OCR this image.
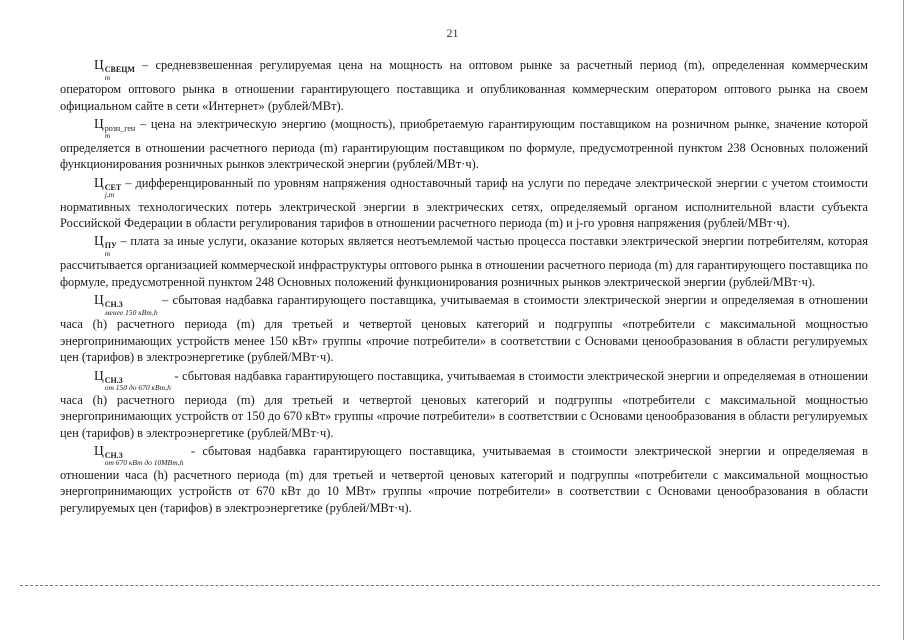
21

Ц СВЕЦМ
m
– средневзвешенная регулируемая цена на мощность на оптовом рынке за расчетный период (m), определенная коммерческим оператором оптового рынка в отношении гарантирующего поставщика и опубликованная коммерческим оператором оптового рынка на своем официальном сайте в сети «Интернет» (рублей/МВт).

Ц розн_ген
m
– цена на электрическую энергию (мощность), приобретаемую гарантирующим поставщиком на розничном рынке, значение которой определяется в отношении расчетного периода (m) гарантирующим поставщиком по формуле, предусмотренной пунктом 238 Основных положений функционирования розничных рынков электрической энергии (рублей/МВт·ч).

Ц СЕТ
j,m
– дифференцированный по уровням напряжения одноставочный тариф на услуги по передаче электрической энергии с учетом стоимости нормативных технологических потерь электрической энергии в электрических сетях, определяемый органом исполнительной власти субъекта Российской Федерации в области регулирования тарифов в отношении расчетного периода (m) и j-го уровня напряжения (рублей/МВт·ч).

Ц ПУ
m
– плата за иные услуги, оказание которых является неотъемлемой частью процесса поставки электрической энергии потребителям, которая рассчитывается организацией коммерческой инфраструктуры оптового рынка в отношении расчетного периода (m) для гарантирующего поставщика по формуле, предусмотренной пунктом 248 Основных положений функционирования розничных рынков электрической энергии (рублей/МВт·ч).

Ц СН.3
менее 150 кВт,h
– сбытовая надбавка гарантирующего поставщика, учитываемая в стоимости электрической энергии и определяемая в отношении часа (h) расчетного периода (m) для третьей и четвертой ценовых категорий и подгруппы «потребители с максимальной мощностью энергопринимающих устройств менее 150 кВт» группы «прочие потребители» в соответствии с Основами ценообразования в области регулируемых цен (тарифов) в электроэнергетике (рублей/МВт·ч).

Ц СН.3
от 150 до 670 кВт,h
- сбытовая надбавка гарантирующего поставщика, учитываемая в стоимости электрической энергии и определяемая в отношении часа (h) расчетного периода (m) для третьей и четвертой ценовых категорий и подгруппы «потребители с максимальной мощностью энергопринимающих устройств от 150 до 670 кВт» группы «прочие потребители» в соответствии с Основами ценообразования в области регулируемых цен (тарифов) в электроэнергетике (рублей/МВт·ч).

Ц СН.3
от 670 кВт до 10МВт,h
- сбытовая надбавка гарантирующего поставщика, учитываемая в стоимости электрической энергии и определяемая в отношении часа (h) расчетного периода (m) для третьей и четвертой ценовых категорий и подгруппы «потребители с максимальной мощностью энергопринимающих устройств от 670 кВт до 10 МВт» группы «прочие потребители» в соответствии с Основами ценообразования в области регулируемых цен (тарифов) в электроэнергетике (рублей/МВт·ч).
